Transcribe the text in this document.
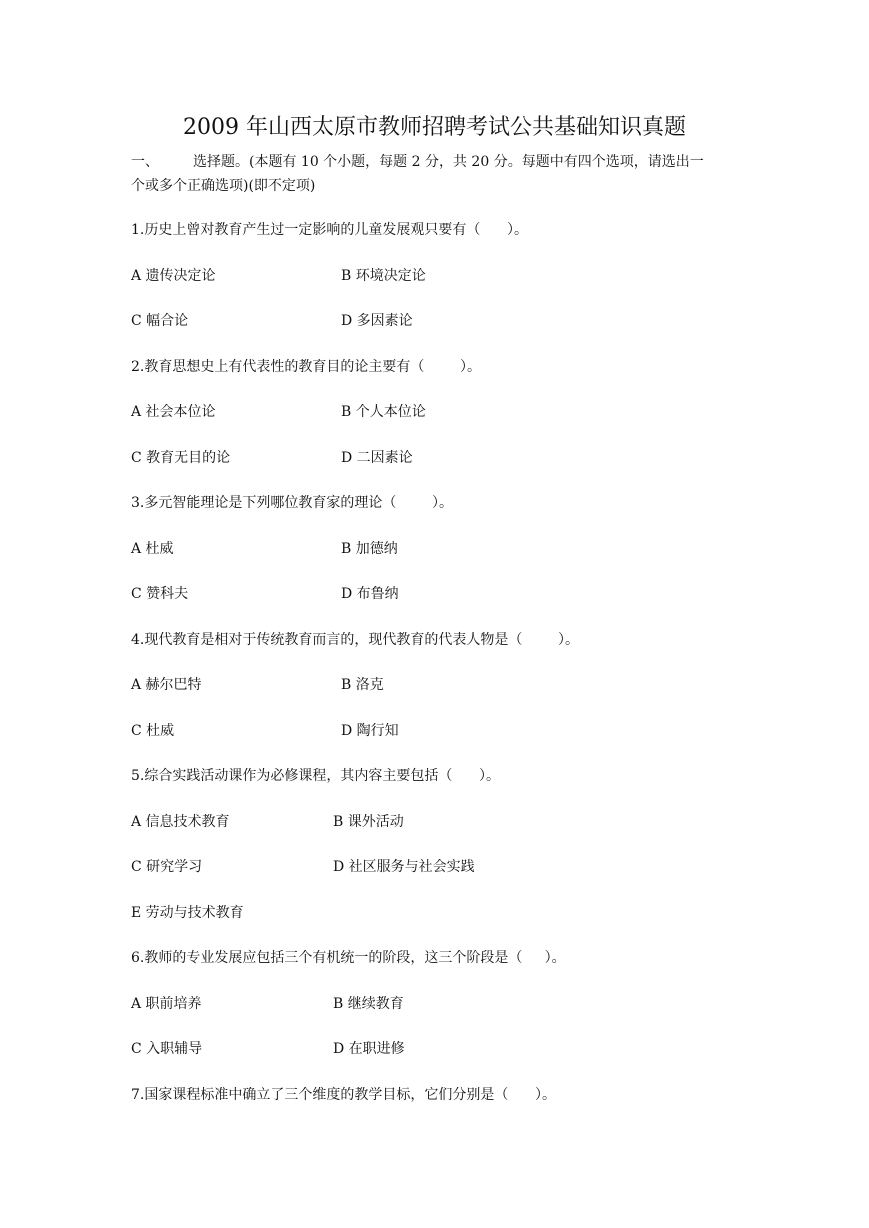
2009 年山西太原市教师招聘考试公共基础知识真题
一、 选择题。(本题有 10 个小题，每题 2 分，共 20 分。每题中有四个选项，请选出一
个或多个正确选项)(即不定项)
1.历史上曾对教育产生过一定影响的儿童发展观只要有（      ）。
A 遗传决定论	B 环境决定论
C 幅合论	D 多因素论
2.教育思想史上有代表性的教育目的论主要有（        ）。
A 社会本位论	B 个人本位论
C 教育无目的论	D 二因素论
3.多元智能理论是下列哪位教育家的理论（        ）。
A 杜威	B 加德纳
C 赞科夫	D 布鲁纳
4.现代教育是相对于传统教育而言的，现代教育的代表人物是（        ）。
A 赫尔巴特	B 洛克
C 杜威	D 陶行知
5.综合实践活动课作为必修课程，其内容主要包括（      ）。
A 信息技术教育	B 课外活动
C 研究学习	D 社区服务与社会实践
E 劳动与技术教育
6.教师的专业发展应包括三个有机统一的阶段，这三个阶段是（     ）。
A 职前培养	B 继续教育
C 入职辅导	D 在职进修
7.国家课程标准中确立了三个维度的教学目标，它们分别是（      ）。
